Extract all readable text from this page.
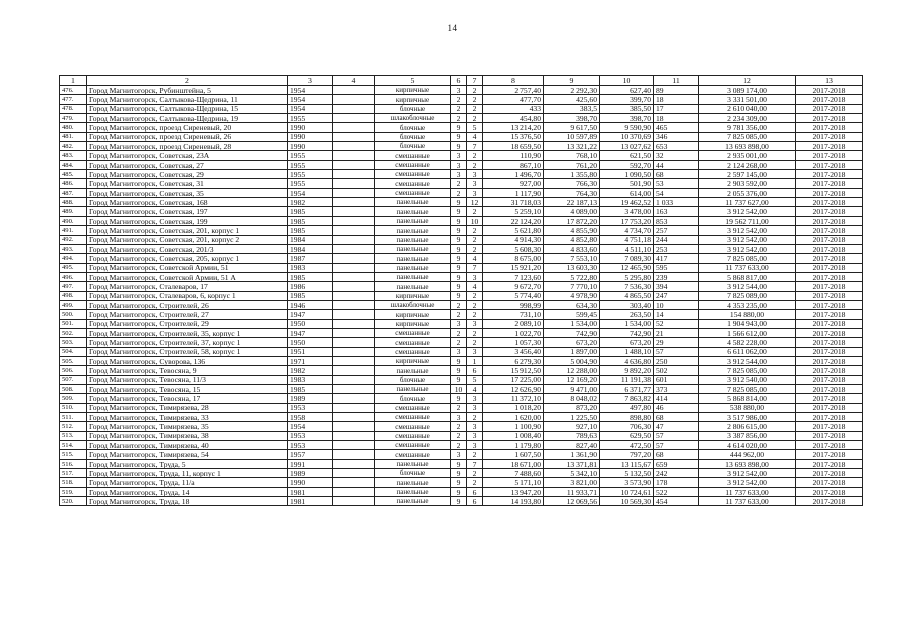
14
1	2	3	4	5	6	7	8	9	10	11	12	13
476.	Город Магнитогорск, Рубинштейна, 5	1954		кирпичные	3	2	2 757,40	2 292,30	627,40	89	3 089 174,00	2017-2018
477.	Город Магнитогорск, Салтыкова-Щедрина, 11	1954		кирпичные	2	2	477,70	425,60	399,70	18	3 331 501,00	2017-2018
478.	Город Магнитогорск, Салтыкова-Щедрина, 15	1954		блочные	2	2	433	383,5	385,50	17	2 610 040,00	2017-2018
479.	Город Магнитогорск, Салтыкова-Щедрина, 19	1955		шлакоблочные	2	2	454,80	398,70	398,70	18	2 234 309,00	2017-2018
480.	Город Магнитогорск, проезд Сиреневый, 20	1990		блочные	9	5	13 214,20	9 617,50	9 590,90	465	9 781 356,00	2017-2018
481.	Город Магнитогорск, проезд Сиреневый, 26	1990		блочные	9	4	15 376,50	10 597,89	10 370,69	346	7 825 085,00	2017-2018
482.	Город Магнитогорск, проезд Сиреневый, 28	1990		блочные	9	7	18 659,50	13 321,22	13 027,62	653	13 693 898,00	2017-2018
483.	Город Магнитогорск, Советская, 23А	1955		смешанные	3	2	110,90	768,10	621,50	32	2 935 001,00	2017-2018
484.	Город Магнитогорск, Советская, 27	1955		смешанные	3	2	867,10	761,20	592,70	44	2 124 268,00	2017-2018
485.	Город Магнитогорск, Советская, 29	1955		смешанные	3	3	1 496,70	1 355,80	1 090,50	68	2 597 145,00	2017-2018
486.	Город Магнитогорск, Советская, 31	1955		смешанные	2	3	927,00	766,30	501,90	53	2 903 592,00	2017-2018
487.	Город Магнитогорск, Советская, 35	1954		смешанные	2	3	1 117,90	764,30	614,00	54	2 055 376,00	2017-2018
488.	Город Магнитогорск, Советская, 168	1982		панельные	9	12	31 718,03	22 187,13	19 462,52	1 033	11 737 627,00	2017-2018
489.	Город Магнитогорск, Советская, 197	1985		панельные	9	2	5 259,10	4 089,00	3 478,00	163	3 912 542,00	2017-2018
490.	Город Магнитогорск, Советская, 199	1985		панельные	9	10	22 124,20	17 872,20	17 753,20	853	19 562 711,00	2017-2018
491.	Город Магнитогорск, Советская, 201, корпус 1	1985		панельные	9	2	5 621,80	4 855,90	4 734,70	257	3 912 542,00	2017-2018
492.	Город Магнитогорск, Советская, 201, корпус 2	1984		панельные	9	2	4 914,30	4 852,80	4 751,18	244	3 912 542,00	2017-2018
493.	Город Магнитогорск, Советская, 201/3	1984		панельные	9	2	5 608,30	4 833,60	4 511,10	253	3 912 542,00	2017-2018
494.	Город Магнитогорск, Советская, 205, корпус 1	1987		панельные	9	4	8 675,00	7 553,10	7 089,30	417	7 825 085,00	2017-2018
495.	Город Магнитогорск, Советской Армии, 51	1983		панельные	9	7	15 921,20	13 603,30	12 465,90	595	11 737 633,00	2017-2018
496.	Город Магнитогорск, Советской Армии, 51 А	1985		панельные	9	3	7 123,60	5 722,80	5 295,80	239	5 868 817,00	2017-2018
497.	Город Магнитогорск, Сталеваров, 17	1986		панельные	9	4	9 672,70	7 770,10	7 536,30	394	3 912 544,00	2017-2018
498.	Город Магнитогорск, Сталеваров, 6, корпус 1	1985		кирпичные	9	2	5 774,40	4 978,90	4 865,50	247	7 825 089,00	2017-2018
499.	Город Магнитогорск, Строителей, 26	1946		шлакоблочные	2	2	998,99	634,30	303,40	10	4 353 235,00	2017-2018
500.	Город Магнитогорск, Строителей, 27	1947		кирпичные	2	2	731,10	599,45	263,50	14	154 880,00	2017-2018
501.	Город Магнитогорск, Строителей, 29	1950		кирпичные	3	3	2 089,10	1 534,00	1 534,00	52	1 904 943,00	2017-2018
502.	Город Магнитогорск, Строителей, 35, корпус 1	1947		смешанные	2	2	1 022,70	742,90	742,90	21	1 566 612,00	2017-2018
503.	Город Магнитогорск, Строителей, 37, корпус 1	1950		смешанные	2	2	1 057,30	673,20	673,20	29	4 582 228,00	2017-2018
504.	Город Магнитогорск, Строителей, 58, корпус 1	1951		смешанные	3	3	3 456,40	1 897,00	1 488,10	57	6 611 062,00	2017-2018
505.	Город Магнитогорск, Суворова, 136	1971		кирпичные	9	1	6 279,30	5 004,90	4 636,80	250	3 912 544,00	2017-2018
506.	Город Магнитогорск, Тевосяна, 9	1982		панельные	9	6	15 912,50	12 288,00	9 892,20	502	7 825 085,00	2017-2018
507.	Город Магнитогорск, Тевосяна, 11/3	1983		блочные	9	5	17 225,00	12 169,20	11 191,38	601	3 912 540,00	2017-2018
508.	Город Магнитогорск, Тевосяна, 15	1985		панельные	10	4	12 626,90	9 471,00	6 371,77	373	7 825 085,00	2017-2018
509.	Город Магнитогорск, Тевосяна, 17	1989		блочные	9	3	11 372,10	8 048,02	7 863,82	414	5 868 814,00	2017-2018
510.	Город Магнитогорск, Тимирязева, 28	1953		смешанные	2	3	1 018,20	873,20	497,80	46	538 880,00	2017-2018
511.	Город Магнитогорск, Тимирязева, 33	1958		смешанные	3	2	1 620,00	1 225,50	898,80	68	3 517 986,00	2017-2018
512.	Город Магнитогорск, Тимирязева, 35	1954		смешанные	2	3	1 100,90	927,10	706,30	47	2 806 615,00	2017-2018
513.	Город Магнитогорск, Тимирязева, 38	1953		смешанные	2	3	1 008,40	789,63	629,50	57	3 387 856,00	2017-2018
514.	Город Магнитогорск, Тимирязева, 40	1953		смешанные	2	3	1 179,80	827,40	472,50	57	4 614 020,00	2017-2018
515.	Город Магнитогорск, Тимирязева, 54	1957		смешанные	3	2	1 607,50	1 361,90	797,20	68	444 962,00	2017-2018
516.	Город Магнитогорск, Труда, 5	1991		панельные	9	7	18 671,00	13 371,81	13 115,67	659	13 693 898,00	2017-2018
517.	Город Магнитогорск, Труда, 11, корпус 1	1989		блочные	9	2	7 488,60	5 342,10	5 132,50	242	3 912 542,00	2017-2018
518.	Город Магнитогорск, Труда, 11/а	1990		панельные	9	2	5 171,10	3 821,00	3 573,90	178	3 912 542,00	2017-2018
519.	Город Магнитогорск, Труда, 14	1981		панельные	9	6	13 947,20	11 933,71	10 724,61	522	11 737 633,00	2017-2018
520.	Город Магнитогорск, Труда, 18	1981		панельные	9	6	14 193,80	12 069,56	10 569,30	454	11 737 633,00	2017-2018
